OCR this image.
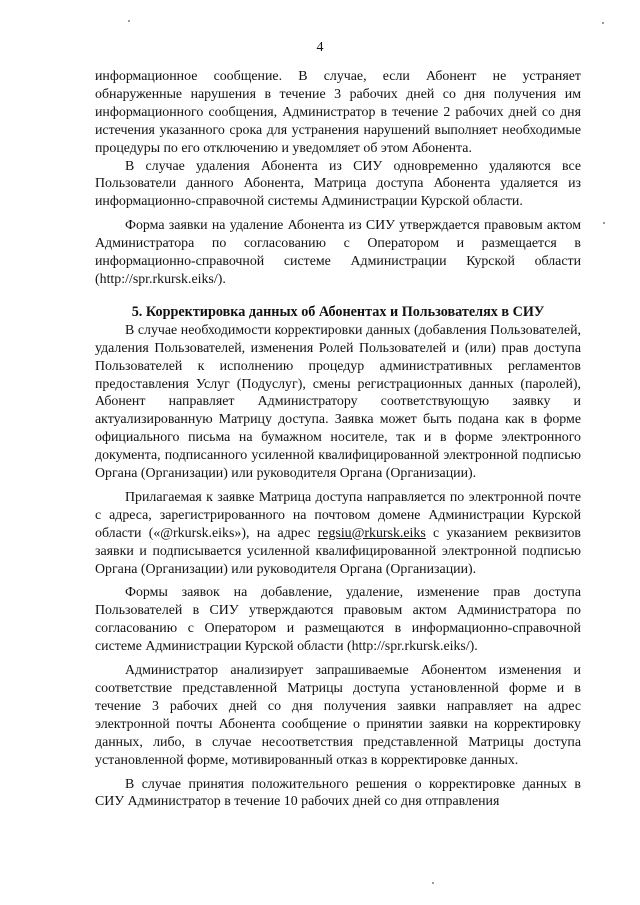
4

информационное сообщение. В случае, если Абонент не устраняет обнаруженные нарушения в течение 3 рабочих дней со дня получения им информационного сообщения, Администратор в течение 2 рабочих дней со дня истечения указанного срока для устранения нарушений выполняет необходимые процедуры по его отключению и уведомляет об этом Абонента.

В случае удаления Абонента из СИУ одновременно удаляются все Пользователи данного Абонента, Матрица доступа Абонента удаляется из информационно-справочной системы Администрации Курской области.

Форма заявки на удаление Абонента из СИУ утверждается правовым актом Администратора по согласованию с Оператором и размещается в информационно-справочной системе Администрации Курской области (http://spr.rkursk.eiks/).

5. Корректировка данных об Абонентах и Пользователях в СИУ

В случае необходимости корректировки данных (добавления Пользователей, удаления Пользователей, изменения Ролей Пользователей и (или) прав доступа Пользователей к исполнению процедур административных регламентов предоставления Услуг (Подуслуг), смены регистрационных данных (паролей), Абонент направляет Администратору соответствующую заявку и актуализированную Матрицу доступа. Заявка может быть подана как в форме официального письма на бумажном носителе, так и в форме электронного документа, подписанного усиленной квалифицированной электронной подписью Органа (Организации) или руководителя Органа (Организации).

Прилагаемая к заявке Матрица доступа направляется по электронной почте с адреса, зарегистрированного на почтовом домене Администрации Курской области («@rkursk.eiks»), на адрес regsiu@rkursk.eiks с указанием реквизитов заявки и подписывается усиленной квалифицированной электронной подписью Органа (Организации) или руководителя Органа (Организации).

Формы заявок на добавление, удаление, изменение прав доступа Пользователей в СИУ утверждаются правовым актом Администратора по согласованию с Оператором и размещаются в информационно-справочной системе Администрации Курской области (http://spr.rkursk.eiks/).

Администратор анализирует запрашиваемые Абонентом изменения и соответствие представленной Матрицы доступа установленной форме и в течение 3 рабочих дней со дня получения заявки направляет на адрес электронной почты Абонента сообщение о принятии заявки на корректировку данных, либо, в случае несоответствия представленной Матрицы доступа установленной форме, мотивированный отказ в корректировке данных.

В случае принятия положительного решения о корректировке данных в СИУ Администратор в течение 10 рабочих дней со дня отправления
